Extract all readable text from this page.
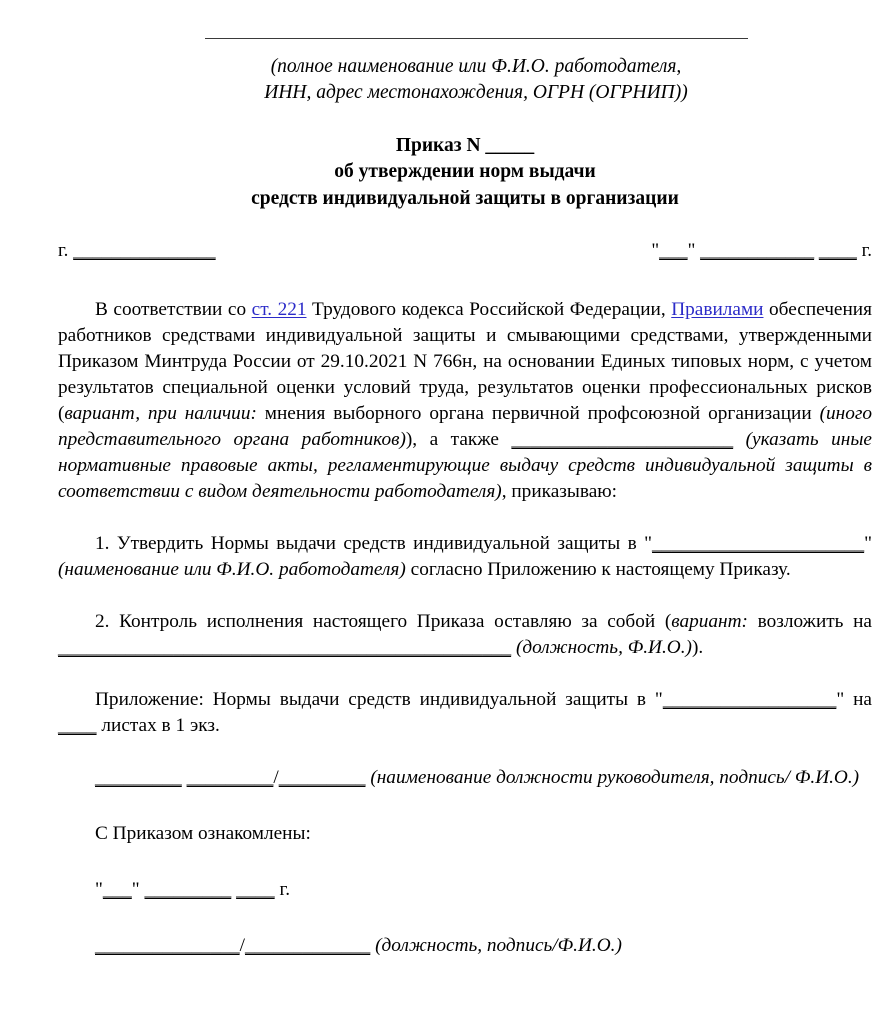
(полное наименование или Ф.И.О. работодателя,
ИНН, адрес местонахождения, ОГРН (ОГРНИП))
Приказ N _____
об утверждении норм выдачи
средств индивидуальной защиты в организации
г. _______________	"___" ____________ ____ г.

В соответствии со ст. 221 Трудового кодекса Российской Федерации, Правилами обеспечения работников средствами индивидуальной защиты и смывающими средствами, утвержденными Приказом Минтруда России от 29.10.2021 N 766н, на основании Единых типовых норм, с учетом результатов специальной оценки условий труда, результатов оценки профессиональных рисков (вариант, при наличии: мнения выборного органа первичной профсоюзной организации (иного представительного органа работников)), а также _______________________ (указать иные нормативные правовые акты, регламентирующие выдачу средств индивидуальной защиты в соответствии с видом деятельности работодателя), приказываю:

1. Утвердить Нормы выдачи средств индивидуальной защиты в "______________________" (наименование или Ф.И.О. работодателя) согласно Приложению к настоящему Приказу.

2. Контроль исполнения настоящего Приказа оставляю за собой (вариант: возложить на _______________________________________________ (должность, Ф.И.О.)).

Приложение: Нормы выдачи средств индивидуальной защиты в "__________________" на ____ листах в 1 экз.

_________ _________/_________ (наименование должности руководителя, подпись/ Ф.И.О.)

С Приказом ознакомлены:

"___" _________ ____ г.

_______________/_____________ (должность, подпись/Ф.И.О.)
